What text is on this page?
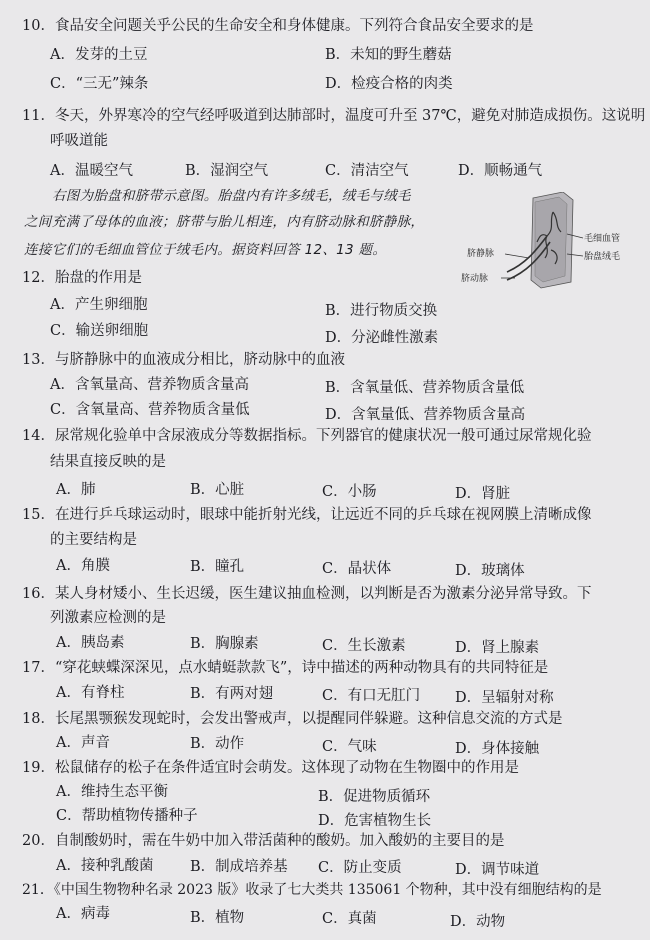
10．食品安全问题关乎公民的生命安全和身体健康。下列符合食品安全要求的是
A．发芽的土豆	B．未知的野生蘑菇
C．“三无”辣条	D．检疫合格的肉类
11．冬天，外界寒冷的空气经呼吸道到达肺部时，温度可升至 37℃，避免对肺造成损伤。这说明
呼吸道能
A．温暖空气	B．湿润空气	C．清洁空气	D．顺畅通气
右图为胎盘和脐带示意图。胎盘内有许多绒毛，绒毛与绒毛
之间充满了母体的血液；脐带与胎儿相连，内有脐动脉和脐静脉，
连接它们的毛细血管位于绒毛内。据资料回答 12、13 题。
毛细血管
胎盘绒毛
脐静脉
脐动脉
12．胎盘的作用是
A．产生卵细胞	B．进行物质交换
C．输送卵细胞	D．分泌雌性激素
13．与脐静脉中的血液成分相比，脐动脉中的血液
A．含氧量高、营养物质含量高	B．含氧量低、营养物质含量低
C．含氧量高、营养物质含量低	D．含氧量低、营养物质含量高
14．尿常规化验单中含尿液成分等数据指标。下列器官的健康状况一般可通过尿常规化验
结果直接反映的是
A．肺	B．心脏	C．小肠	D．肾脏
15．在进行乒乓球运动时，眼球中能折射光线，让远近不同的乒乓球在视网膜上清晰成像
的主要结构是
A．角膜	B．瞳孔	C．晶状体	D．玻璃体
16．某人身材矮小、生长迟缓，医生建议抽血检测，以判断是否为激素分泌异常导致。下
列激素应检测的是
A．胰岛素	B．胸腺素	C．生长激素	D．肾上腺素
17．“穿花蛱蝶深深见，点水蜻蜓款款飞”，诗中描述的两种动物具有的共同特征是
A．有脊柱	B．有两对翅	C．有口无肛门 D．呈辐射对称
18．长尾黑颚猴发现蛇时，会发出警戒声，以提醒同伴躲避。这种信息交流的方式是
A．声音	B．动作	C．气味	D．身体接触
19．松鼠储存的松子在条件适宜时会萌发。这体现了动物在生物圈中的作用是
A．维持生态平衡	B．促进物质循环
C．帮助植物传播种子	D．危害植物生长
20．自制酸奶时，需在牛奶中加入带活菌种的酸奶。加入酸奶的主要目的是
A．接种乳酸菌	B．制成培养基 C．防止变质	D．调节味道
21．《中国生物物种名录 2023 版》收录了七大类共 135061 个物种，其中没有细胞结构的是
A．病毒	B．植物	C．真菌	D．动物
